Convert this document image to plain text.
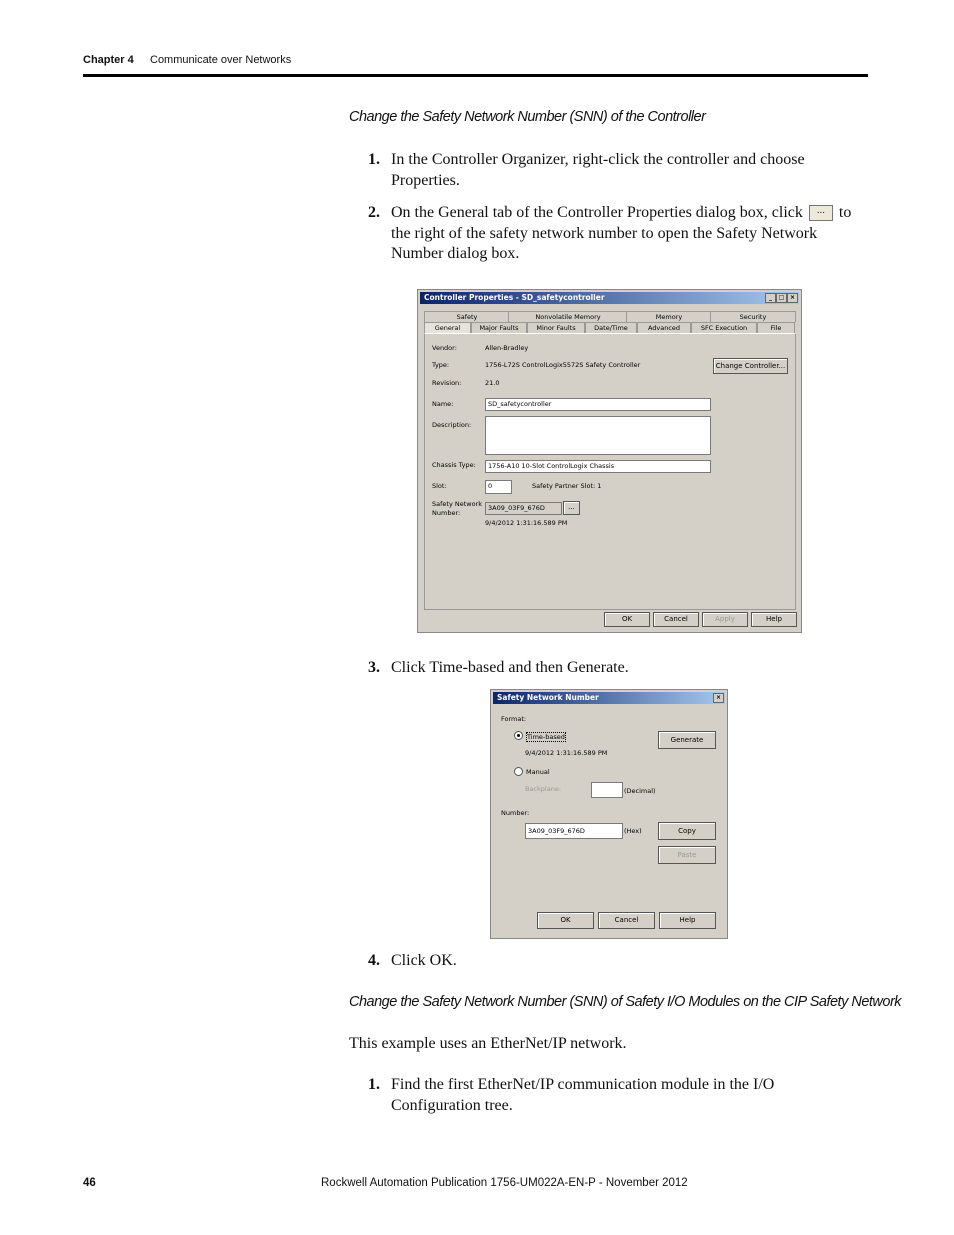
Chapter 4 Communicate over Networks
Change the Safety Network Number (SNN) of the Controller
1. In the Controller Organizer, right-click the controller and choose Properties.
2. On the General tab of the Controller Properties dialog box, click ... to the right of the safety network number to open the Safety Network Number dialog box.
Controller Properties - SD_safetycontroller	_	□ ×
Safety	Nonvolatile Memory	Memory	Security
General	Major Faults	Minor Faults	Date/Time	Advanced	SFC Execution	File
Vendor:	Allen-Bradley
Type:	1756-L72S ControlLogix5572S Safety Controller
Revision:	21.0
Change Controller...
Name:	SD_safetycontroller
Description:
Chassis Type:	1756-A10 10-Slot ControlLogix Chassis
Slot:	0	Safety Partner Slot: 1
Safety Network
Number:
3A09_03F9_676D	...
9/4/2012 1:31:16.589 PM
OK	Cancel	Apply	Help
3. Click Time-based and then Generate.
Safety Network Number	×
Format:
Time-based
9/4/2012 1:31:16.589 PM
Generate
Manual
Backplane:	(Decimal)
Number:
3A09_03F9_676D	(Hex)	Copy
Paste
OK	Cancel	Help
4. Click OK.
Change the Safety Network Number (SNN) of Safety I/O Modules on the CIP Safety Network
This example uses an EtherNet/IP network.
1. Find the first EtherNet/IP communication module in the I/O Configuration tree.
46	Rockwell Automation Publication 1756-UM022A-EN-P - November 2012
